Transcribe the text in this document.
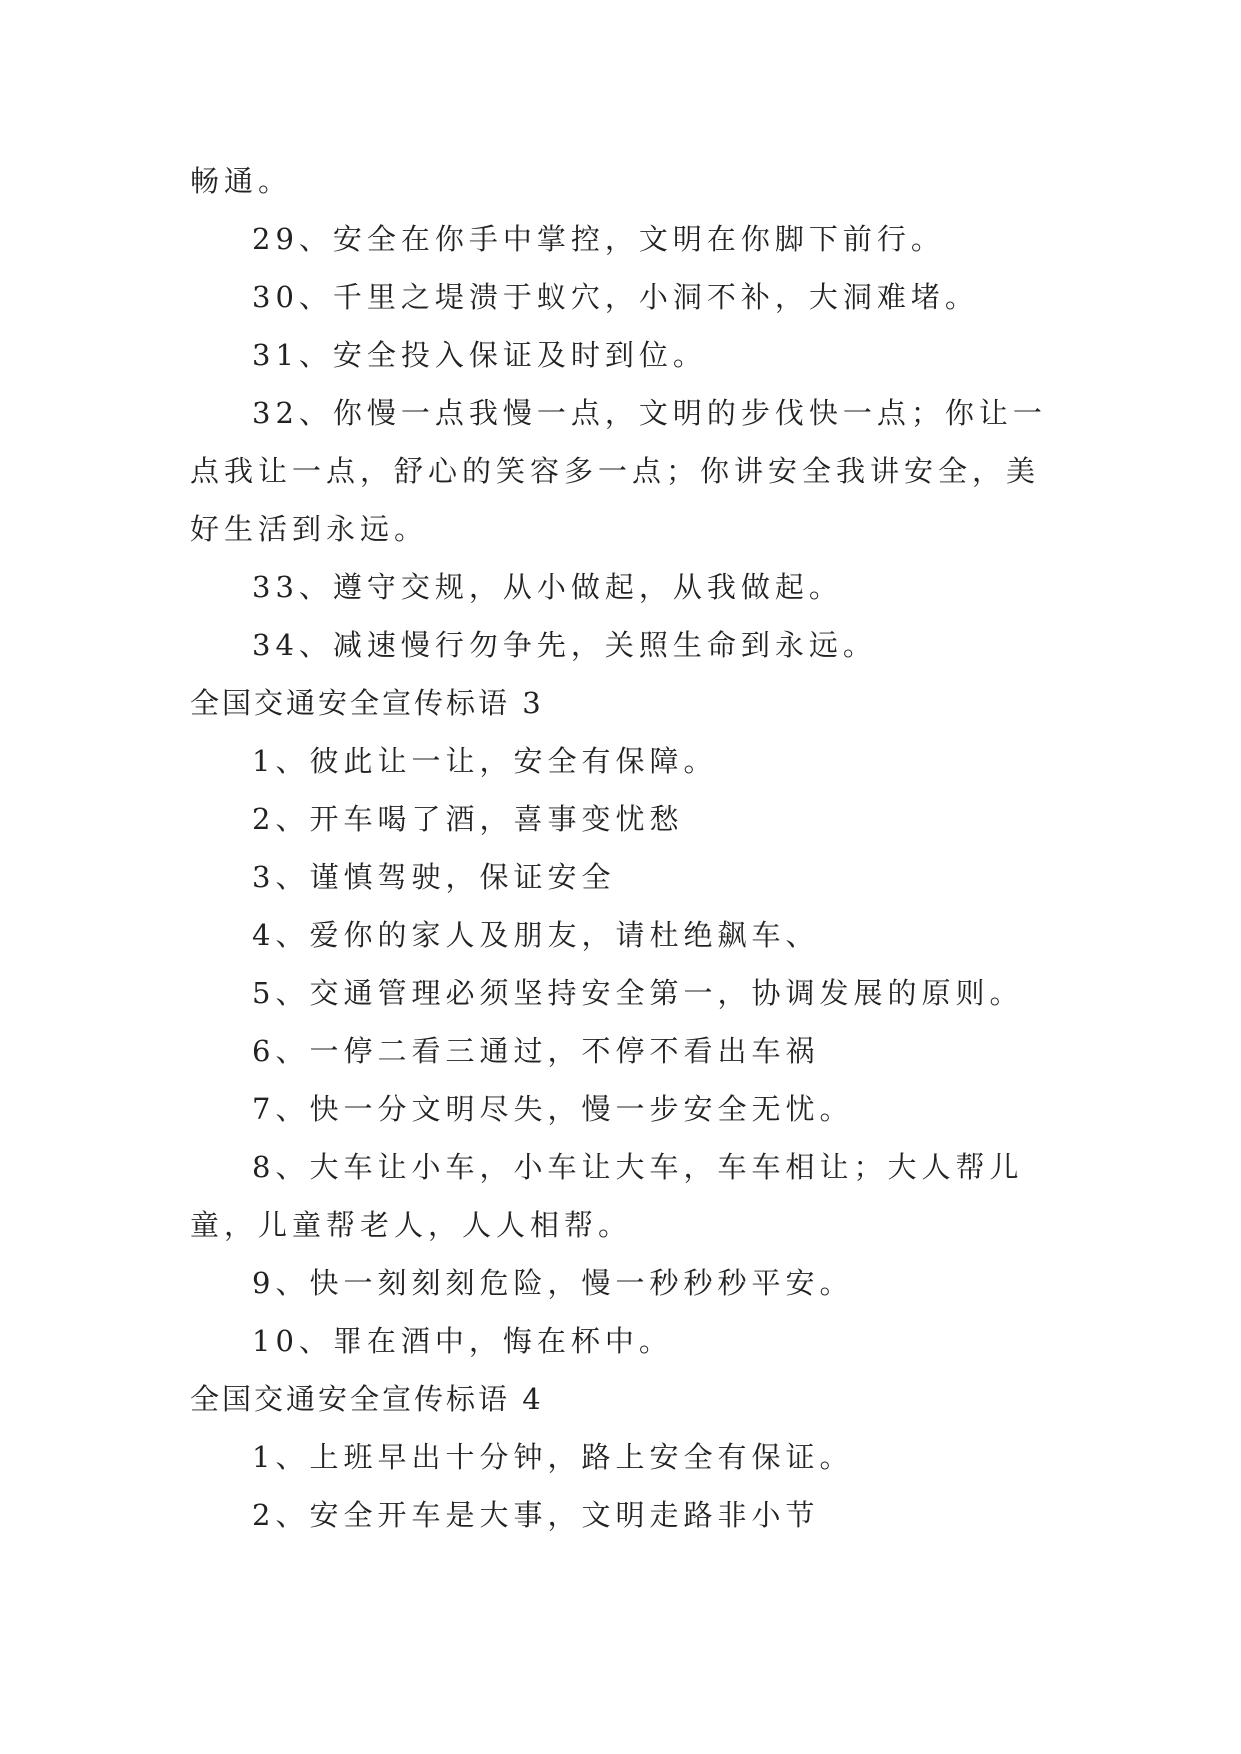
畅通。

29、安全在你手中掌控，文明在你脚下前行。

30、千里之堤溃于蚁穴，小洞不补，大洞难堵。

31、安全投入保证及时到位。

32、你慢一点我慢一点，文明的步伐快一点；你让一点我让一点，舒心的笑容多一点；你讲安全我讲安全，美好生活到永远。

33、遵守交规，从小做起，从我做起。

34、减速慢行勿争先，关照生命到永远。

全国交通安全宣传标语 3

1、彼此让一让，安全有保障。

2、开车喝了酒，喜事变忧愁

3、谨慎驾驶，保证安全

4、爱你的家人及朋友，请杜绝飙车、

5、交通管理必须坚持安全第一，协调发展的原则。

6、一停二看三通过，不停不看出车祸

7、快一分文明尽失，慢一步安全无忧。

8、大车让小车，小车让大车，车车相让；大人帮儿童，儿童帮老人，人人相帮。

9、快一刻刻刻危险，慢一秒秒秒平安。

10、罪在酒中，悔在杯中。

全国交通安全宣传标语 4

1、上班早出十分钟，路上安全有保证。

2、安全开车是大事，文明走路非小节
